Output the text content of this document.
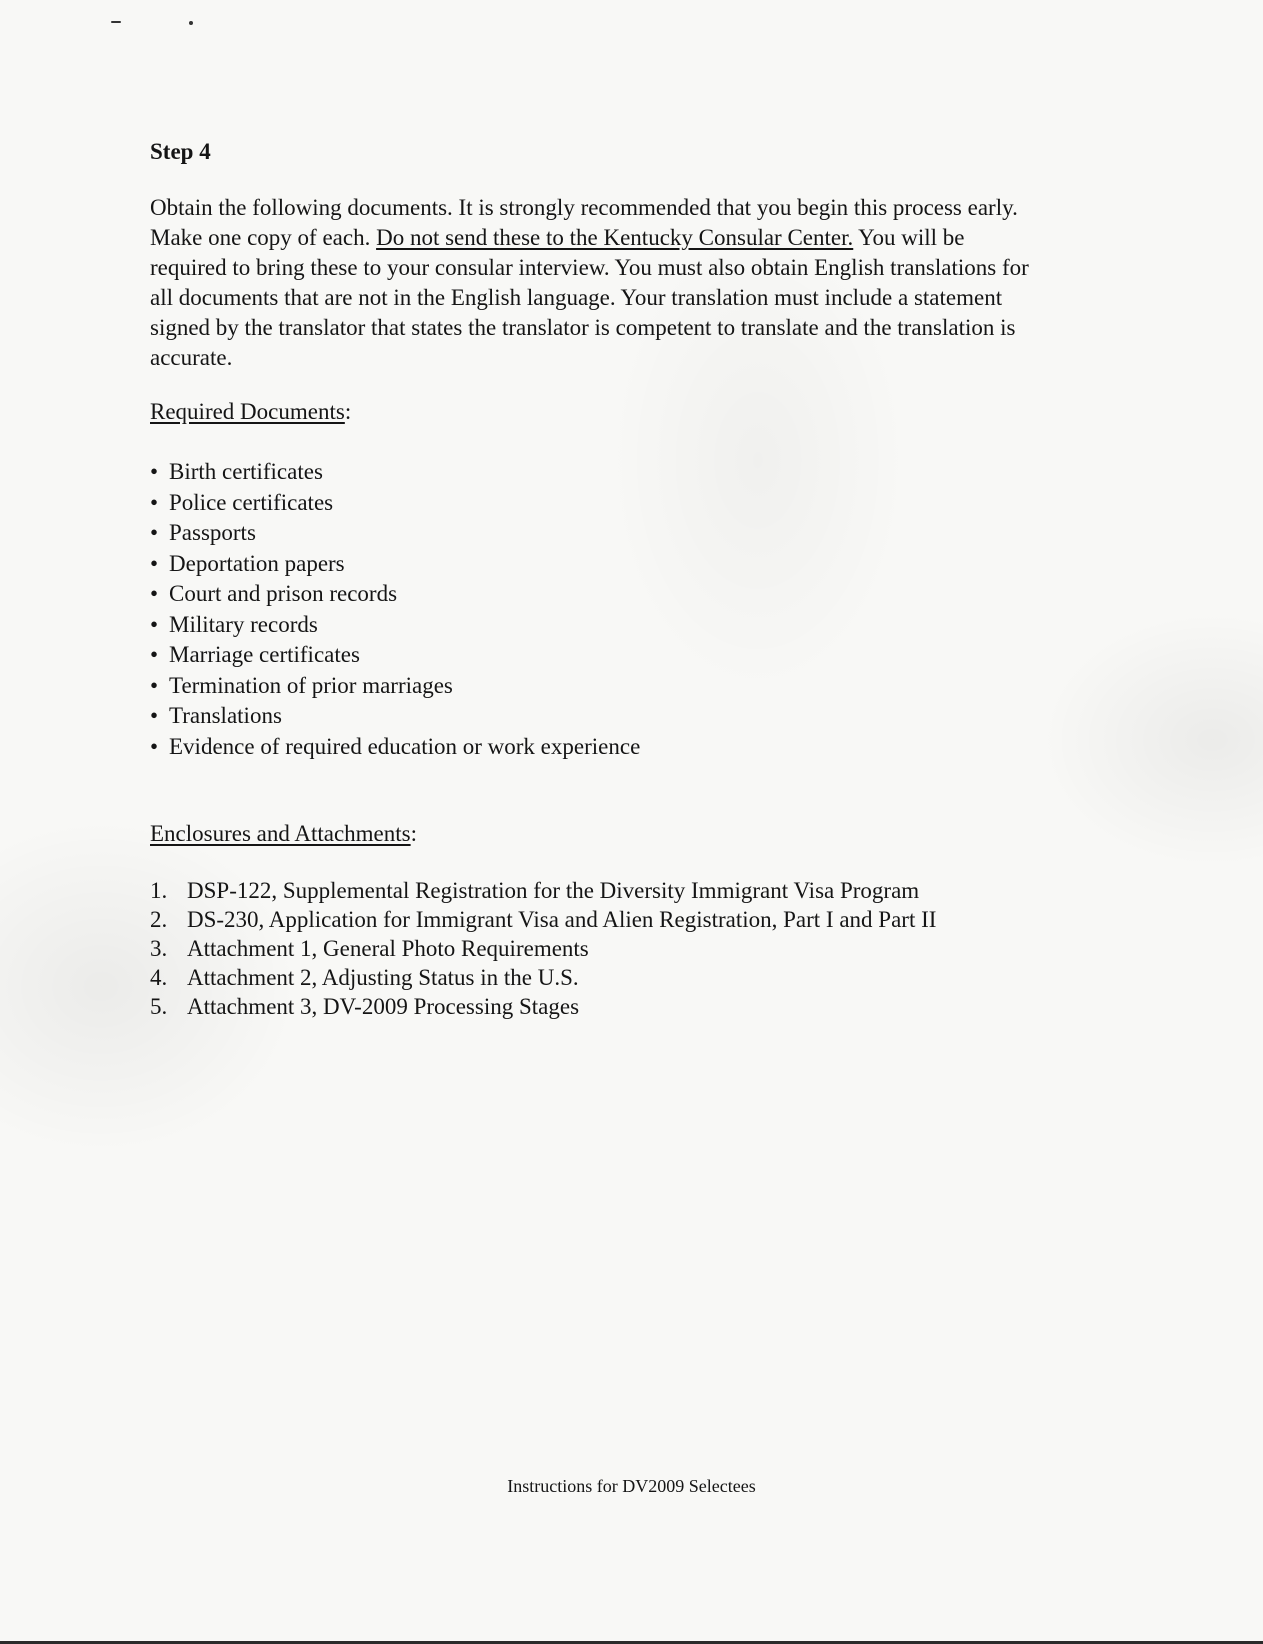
Step 4

Obtain the following documents. It is strongly recommended that you begin this process early.

Make one copy of each. Do not send these to the Kentucky Consular Center. You will be

required to bring these to your consular interview. You must also obtain English translations for

all documents that are not in the English language. Your translation must include a statement

signed by the translator that states the translator is competent to translate and the translation is

accurate.

Required Documents:
• Birth certificates
• Police certificates
• Passports
• Deportation papers
• Court and prison records
• Military records
• Marriage certificates
• Termination of prior marriages
• Translations
• Evidence of required education or work experience
Enclosures and Attachments:
1. DSP-122, Supplemental Registration for the Diversity Immigrant Visa Program
2. DS-230, Application for Immigrant Visa and Alien Registration, Part I and Part II
3. Attachment 1, General Photo Requirements
4. Attachment 2, Adjusting Status in the U.S.
5. Attachment 3, DV-2009 Processing Stages
Instructions for DV2009 Selectees
